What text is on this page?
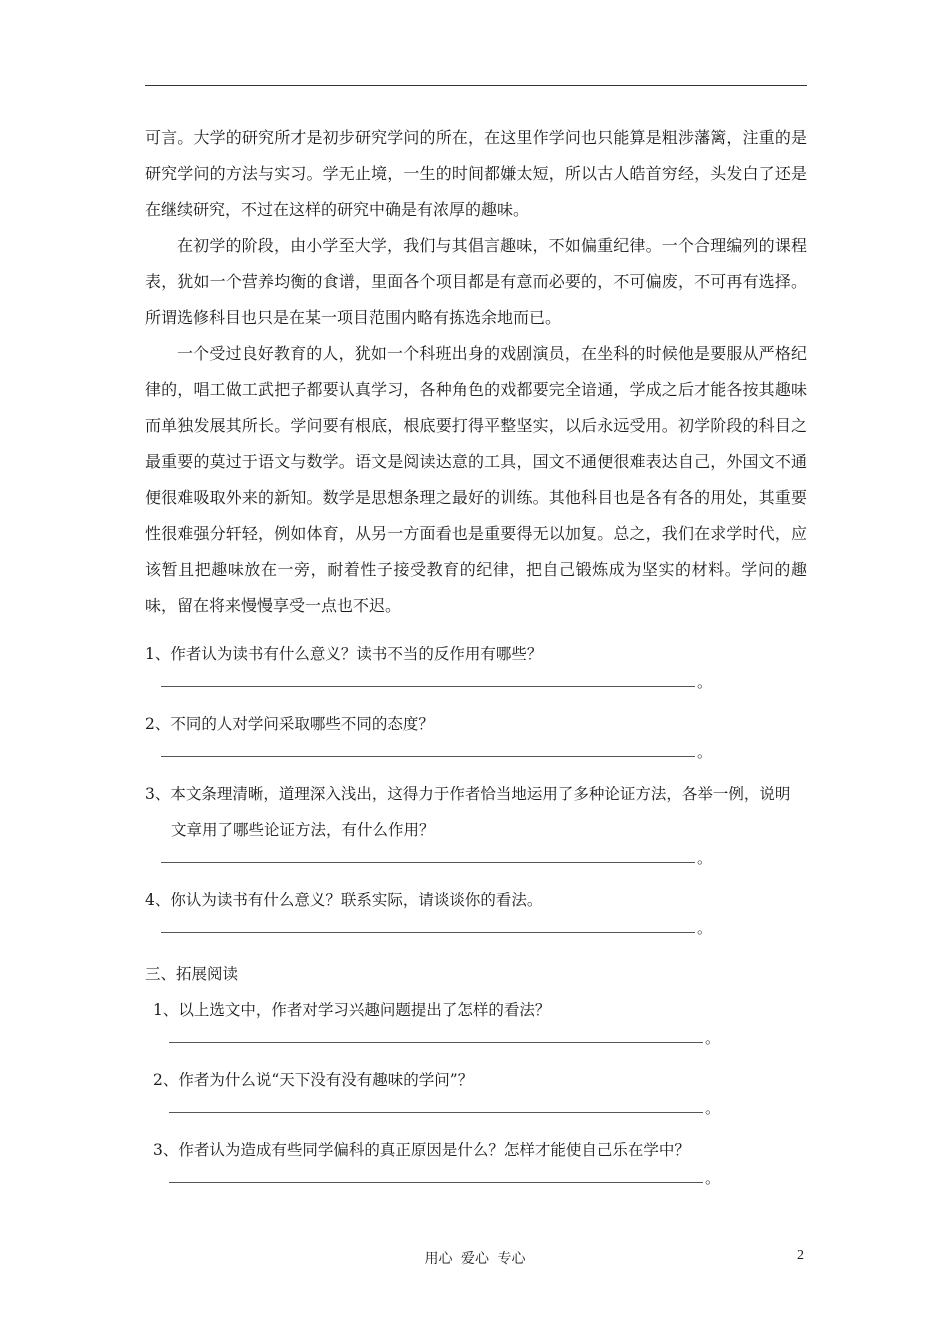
可言。大学的研究所才是初步研究学问的所在，在这里作学问也只能算是粗涉藩篱，注重的是研究学问的方法与实习。学无止境，一生的时间都嫌太短，所以古人皓首穷经，头发白了还是在继续研究，不过在这样的研究中确是有浓厚的趣味。

在初学的阶段，由小学至大学，我们与其倡言趣味，不如偏重纪律。一个合理编列的课程表，犹如一个营养均衡的食谱，里面各个项目都是有意而必要的，不可偏废，不可再有选择。所谓选修科目也只是在某一项目范围内略有拣选余地而已。

一个受过良好教育的人，犹如一个科班出身的戏剧演员，在坐科的时候他是要服从严格纪律的，唱工做工武把子都要认真学习，各种角色的戏都要完全谙通，学成之后才能各按其趣味而单独发展其所长。学问要有根底，根底要打得平整坚实，以后永远受用。初学阶段的科目之最重要的莫过于语文与数学。语文是阅读达意的工具，国文不通便很难表达自己，外国文不通便很难吸取外来的新知。数学是思想条理之最好的训练。其他科目也是各有各的用处，其重要性很难强分轩轻，例如体育，从另一方面看也是重要得无以加复。总之，我们在求学时代，应该暂且把趣味放在一旁，耐着性子接受教育的纪律，把自己锻炼成为坚实的材料。学问的趣味，留在将来慢慢享受一点也不迟。

1、作者认为读书有什么意义？读书不当的反作用有哪些？
。
2、不同的人对学问采取哪些不同的态度？
。
3、本文条理清晰，道理深入浅出，这得力于作者恰当地运用了多种论证方法，各举一例，说明
文章用了哪些论证方法，有什么作用？
。
4、你认为读书有什么意义？联系实际，请谈谈你的看法。
。
三、拓展阅读
1、以上选文中，作者对学习兴趣问题提出了怎样的看法？
。
2、作者为什么说“天下没有没有趣味的学问”？
。
3、作者认为造成有些同学偏科的真正原因是什么？怎样才能使自己乐在学中？
。
用心 爱心 专心	2
